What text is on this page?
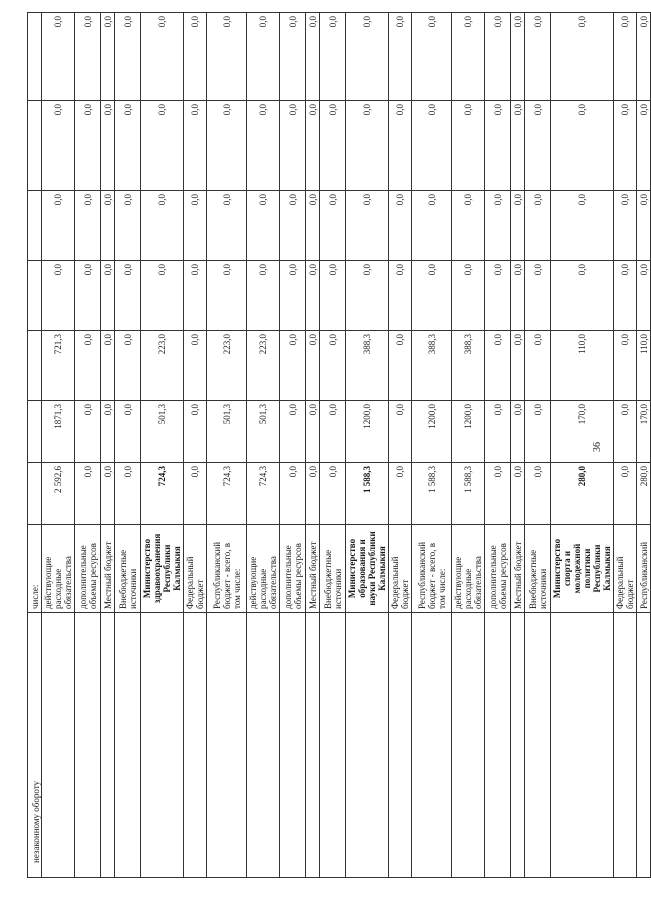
незаконному обороту
	числе:							
	действующие расходные обязательства	2 592,6	1871,3	721,3	0,0	0,0	0,0	0,0
	дополнительные объемы ресурсов	0,0	0,0	0,0	0,0	0,0	0,0	0,0
	Местный бюджет	0,0	0,0	0,0	0,0	0,0	0,0	0,0
	Внебюджетные источники	0,0	0,0	0,0	0,0	0,0	0,0	0,0
	Министерство здравоохранения Республики Калмыкия	724,3	501,3	223,0	0,0	0,0	0,0	0,0
	Федеральный бюджет	0,0	0,0	0,0	0,0	0,0	0,0	0,0
	Республиканский бюджет - всего, в том числе:	724,3	501,3	223,0	0,0	0,0	0,0	0,0
	действующие расходные обязательства	724,3	501,3	223,0	0,0	0,0	0,0	0,0
	дополнительные объемы ресурсов	0,0	0,0	0,0	0,0	0,0	0,0	0,0
	Местный бюджет	0,0	0,0	0,0	0,0	0,0	0,0	0,0
	Внебюджетные источники	0,0	0,0	0,0	0,0	0,0	0,0	0,0
	Министерство образования и науки Республики Калмыкия	1 588,3	1200,0	388,3	0,0	0,0	0,0	0,0
	Федеральный бюджет	0,0	0,0	0,0	0,0	0,0	0,0	0,0
	Республиканский бюджет - всего, в том числе:	1 588,3	1200,0	388,3	0,0	0,0	0,0	0,0
	действующие расходные обязательства	1 588,3	1200,0	388,3	0,0	0,0	0,0	0,0
	дополнительные объемы ресурсов	0,0	0,0	0,0	0,0	0,0	0,0	0,0
	Местный бюджет	0,0	0,0	0,0	0,0	0,0	0,0	0,0
	Внебюджетные источники	0,0	0,0	0,0	0,0	0,0	0,0	0,0
	Министерство спорта и молодежной политики Республики Калмыкия	280,0	170,0	110,0	0,0	0,0	0,0	0,0
	Федеральный бюджет	0,0	0,0	0,0	0,0	0,0	0,0	0,0
	Республиканский	280,0	170,0	110,0	0,0	0,0	0,0	0,0
36
